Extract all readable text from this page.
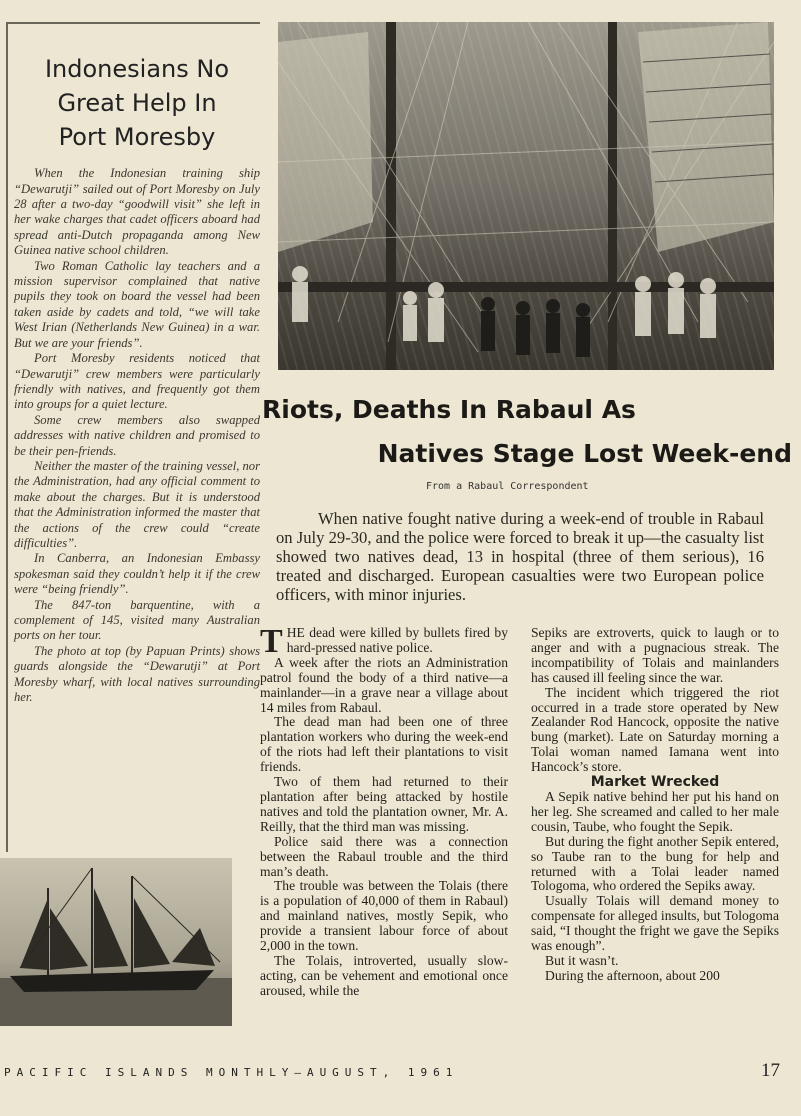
Indonesians No
Great Help In
Port Moresby

When the Indonesian training ship “Dewarutji” sailed out of Port Moresby on July 28 after a two-day “goodwill visit” she left in her wake charges that cadet officers aboard had spread anti-Dutch propaganda among New Guinea native school children.

Two Roman Catholic lay teachers and a mission supervisor complained that native pupils they took on board the vessel had been taken aside by cadets and told, “we will take West Irian (Netherlands New Guinea) in a war. But we are your friends”.

Port Moresby residents noticed that “Dewarutji” crew members were particularly friendly with natives, and frequently got them into groups for a quiet lecture.

Some crew members also swapped addresses with native children and promised to be their pen-friends.

Neither the master of the training vessel, nor the Administration, had any official comment to make about the charges. But it is understood that the Administration informed the master that the actions of the crew could “create difficulties”.

In Canberra, an Indonesian Embassy spokesman said they couldn’t help it if the crew were “being friendly”.

The 847-ton barquentine, with a complement of 145, visited many Australian ports on her tour.

The photo at top (by Papuan Prints) shows guards alongside the “Dewarutji” at Port Moresby wharf, with local natives surrounding her.

Riots, Deaths In Rabaul As
Natives Stage Lost Week-end
From a Rabaul Correspondent

When native fought native during a week-end of trouble in Rabaul on July 29-30, and the police were forced to break it up—the casualty list showed two natives dead, 13 in hospital (three of them serious), 16 treated and discharged. European casualties were two European police officers, with minor injuries.

THE dead were killed by bullets fired by hard-pressed native police.

A week after the riots an Administration patrol found the body of a third native—a mainlander—in a grave near a village about 14 miles from Rabaul.

The dead man had been one of three plantation workers who during the week-end of the riots had left their plantations to visit friends.

Two of them had returned to their plantation after being attacked by hostile natives and told the plantation owner, Mr. A. Reilly, that the third man was missing.

Police said there was a connection between the Rabaul trouble and the third man’s death.

The trouble was between the Tolais (there is a population of 40,000 of them in Rabaul) and mainland natives, mostly Sepik, who provide a transient labour force of about 2,000 in the town.

The Tolais, introverted, usually slow-acting, can be vehement and emotional once aroused, while the

Sepiks are extroverts, quick to laugh or to anger and with a pugnacious streak. The incompatibility of Tolais and mainlanders has caused ill feeling since the war.

The incident which triggered the riot occurred in a trade store operated by New Zealander Rod Hancock, opposite the native bung (market). Late on Saturday morning a Tolai woman named Iamana went into Hancock’s store.

Market Wrecked

A Sepik native behind her put his hand on her leg. She screamed and called to her male cousin, Taube, who fought the Sepik.

But during the fight another Sepik entered, so Taube ran to the bung for help and returned with a Tolai leader named Tologoma, who ordered the Sepiks away.

Usually Tolais will demand money to compensate for alleged insults, but Tologoma said, “I thought the fright we gave the Sepiks was enough”.

But it wasn’t.

During the afternoon, about 200

PACIFIC ISLANDS MONTHLY—AUGUST, 1961	17
